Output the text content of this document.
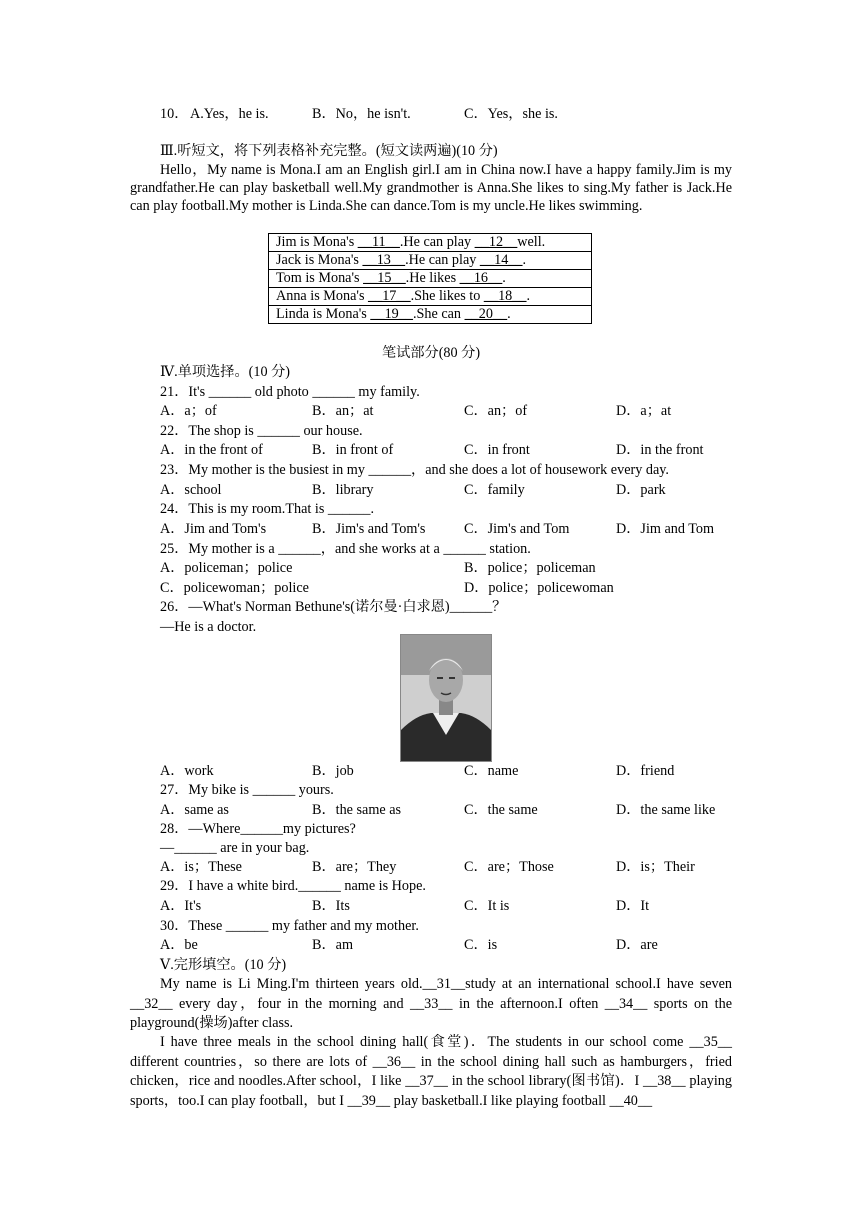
10． A.Yes，he is.	B．No，he isn't.	C．Yes，she is.
Ⅲ.听短文，将下列表格补充完整。(短文读两遍)(10 分)
Hello，My name is Mona.I am an English girl.I am in China now.I have a happy family.Jim is my grandfather.He can play basketball well.My grandmother is Anna.She likes to sing.My father is Jack.He can play football.My mother is Linda.She can dance.Tom is my uncle.He likes swimming.
Jim is Mona's __11__.He can play __12__well.
Jack is Mona's __13__.He can play __14__.
Tom is Mona's __15__.He likes __16__.
Anna is Mona's __17__.She likes to __18__.
Linda is Mona's __19__.She can __20__.
笔试部分(80 分)
Ⅳ.单项选择。(10 分)
21．It's ______ old photo ______ my family.
A．a；of	B．an；at	C．an；of	D．a；at
22．The shop is ______ our house.
A．in the front of	B．in front of	C．in front	D．in the front
23．My mother is the busiest in my ______，and she does a lot of housework every day.
A．school	B．library	C．family	D．park
24．This is my room.That is ______.
A．Jim and Tom's	B．Jim's and Tom's	C．Jim's and Tom	D．Jim and Tom
25．My mother is a ______，and she works at a ______ station.
A．policeman；police	B．police；policeman
C．policewoman；police	D．police；policewoman
26．—What's Norman Bethune's(诺尔曼·白求恩)______？
—He is a doctor.
A．work	B．job	C．name	D．friend
27．My bike is ______ yours.
A．same as	B．the same as	C．the same	D．the same like
28．—Where______my pictures?
—______ are in your bag.
A．is；These	B．are；They	C．are；Those	D．is；Their
29．I have a white bird.______ name is Hope.
A．It's	B．Its	C．It is	D．It
30．These ______ my father and my mother.
A．be	B．am	C．is	D．are
Ⅴ.完形填空。(10 分)
My name is Li Ming.I'm thirteen years old.__31__study at an international school.I have seven __32__ every day，four in the morning and __33__ in the afternoon.I often __34__ sports on the playground(操场)after class.
I have three meals in the school dining hall(食堂)．The students in our school come __35__ different countries，so there are lots of __36__ in the school dining hall such as hamburgers，fried chicken，rice and noodles.After school，I like __37__ in the school library(图书馆)．I __38__ playing sports，too.I can play football，but I __39__ play basketball.I like playing football __40__
